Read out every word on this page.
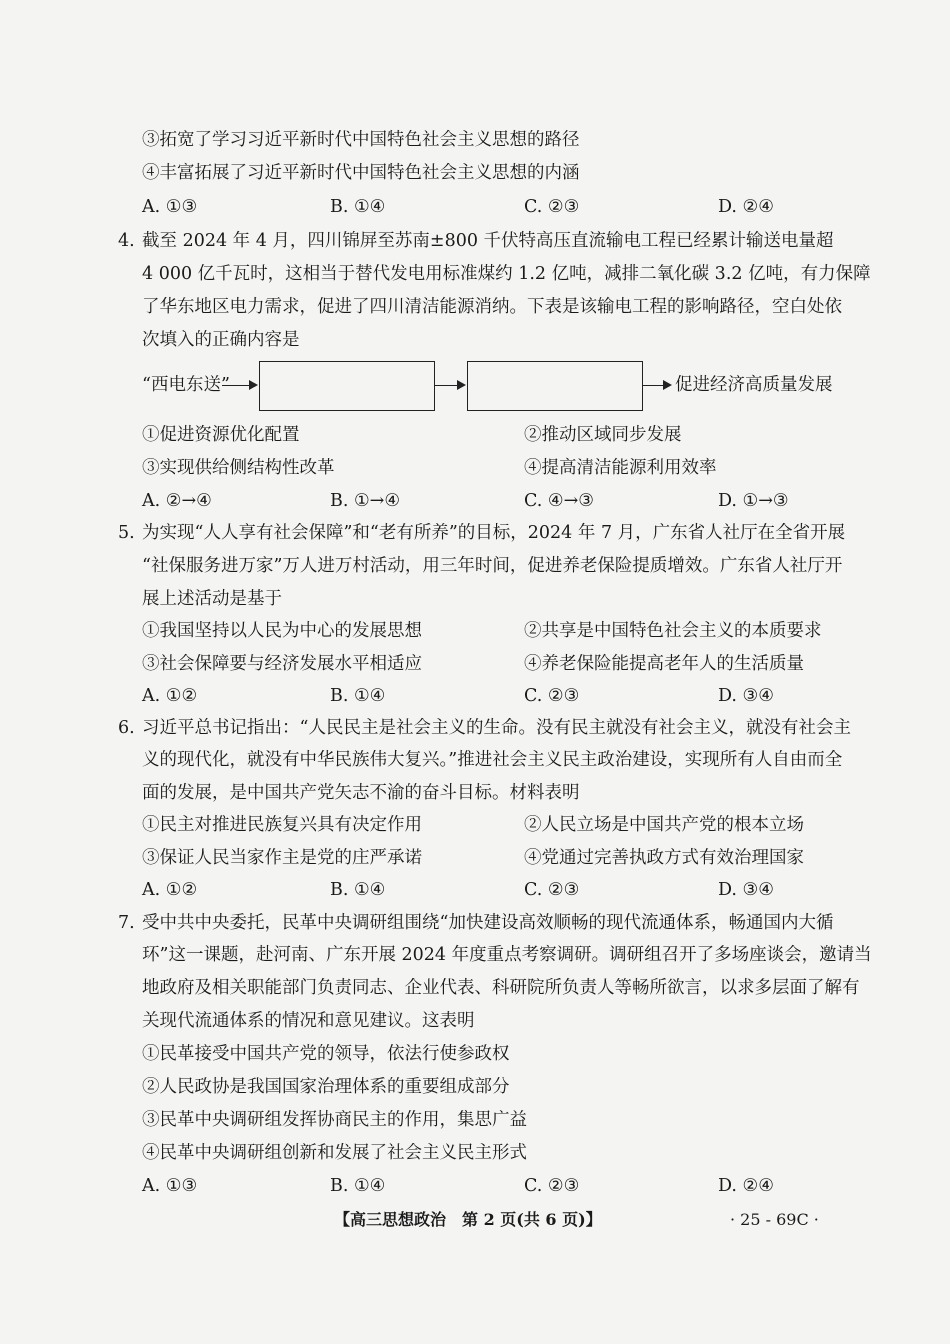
③拓宽了学习习近平新时代中国特色社会主义思想的路径
④丰富拓展了习近平新时代中国特色社会主义思想的内涵
A. ①③	B. ①④	C. ②③	D. ②④
4. 截至 2024 年 4 月，四川锦屏至苏南±800 千伏特高压直流输电工程已经累计输送电量超
4 000 亿千瓦时，这相当于替代发电用标准煤约 1.2 亿吨，减排二氧化碳 3.2 亿吨，有力保障
了华东地区电力需求，促进了四川清洁能源消纳。下表是该输电工程的影响路径，空白处依
次填入的正确内容是
“西电东送”	促进经济高质量发展
①促进资源优化配置	②推动区域同步发展
③实现供给侧结构性改革	④提高清洁能源利用效率
A. ②→④	B. ①→④	C. ④→③	D. ①→③
5. 为实现“人人享有社会保障”和“老有所养”的目标，2024 年 7 月，广东省人社厅在全省开展
“社保服务进万家”万人进万村活动，用三年时间，促进养老保险提质增效。广东省人社厅开
展上述活动是基于
①我国坚持以人民为中心的发展思想	②共享是中国特色社会主义的本质要求
③社会保障要与经济发展水平相适应	④养老保险能提高老年人的生活质量
A. ①②	B. ①④	C. ②③	D. ③④
6. 习近平总书记指出：“人民民主是社会主义的生命。没有民主就没有社会主义，就没有社会主
义的现代化，就没有中华民族伟大复兴。”推进社会主义民主政治建设，实现所有人自由而全
面的发展，是中国共产党矢志不渝的奋斗目标。材料表明
①民主对推进民族复兴具有决定作用	②人民立场是中国共产党的根本立场
③保证人民当家作主是党的庄严承诺	④党通过完善执政方式有效治理国家
A. ①②	B. ①④	C. ②③	D. ③④
7. 受中共中央委托，民革中央调研组围绕“加快建设高效顺畅的现代流通体系，畅通国内大循
环”这一课题，赴河南、广东开展 2024 年度重点考察调研。调研组召开了多场座谈会，邀请当
地政府及相关职能部门负责同志、企业代表、科研院所负责人等畅所欲言，以求多层面了解有
关现代流通体系的情况和意见建议。这表明
①民革接受中国共产党的领导，依法行使参政权
②人民政协是我国国家治理体系的重要组成部分
③民革中央调研组发挥协商民主的作用，集思广益
④民革中央调研组创新和发展了社会主义民主形式
A. ①③	B. ①④	C. ②③	D. ②④
【高三思想政治　第 2 页(共 6 页)】	· 25 - 69C ·
